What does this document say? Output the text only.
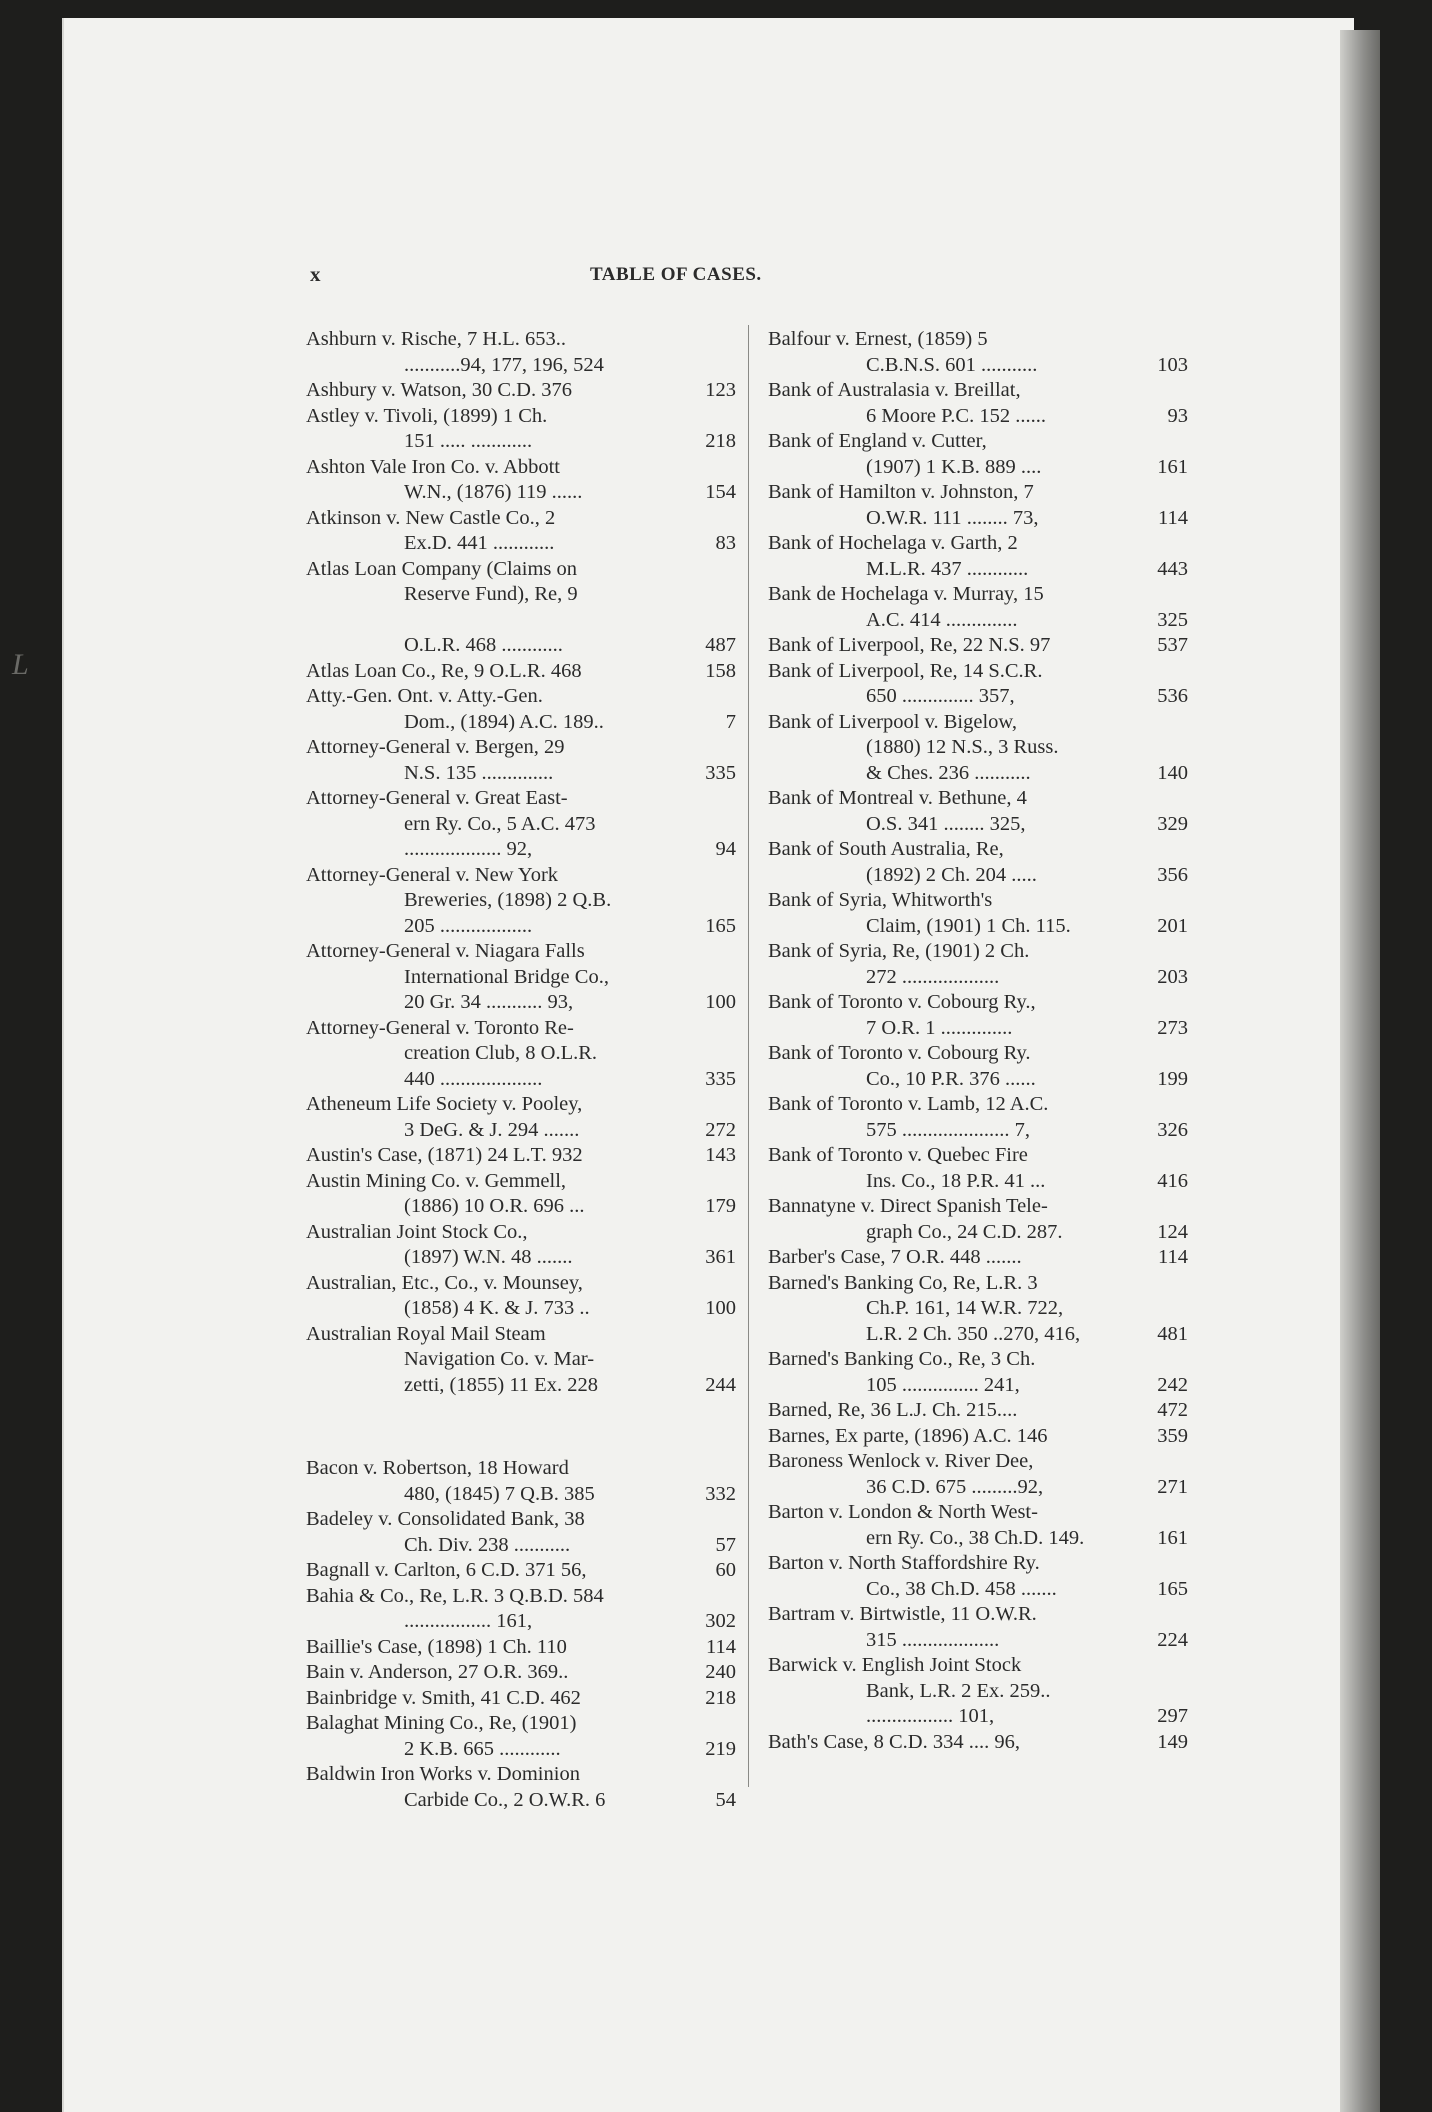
L
x	TABLE OF CASES.
Ashburn v. Rische, 7 H.L. 653..
...........94, 177, 196, 524
Ashbury v. Watson, 30 C.D. 376	123
Astley v. Tivoli, (1899) 1 Ch.
151 ..... ............	218
Ashton Vale Iron Co. v. Abbott
W.N., (1876) 119 ......	154
Atkinson v. New Castle Co., 2
Ex.D. 441 ............	83
Atlas Loan Company (Claims on
Reserve Fund), Re, 9
O.L.R. 468 ............	487
Atlas Loan Co., Re, 9 O.L.R. 468	158
Atty.-Gen. Ont. v. Atty.-Gen.
Dom., (1894) A.C. 189..	7
Attorney-General v. Bergen, 29
N.S. 135 ..............	335
Attorney-General v. Great East-
ern Ry. Co., 5 A.C. 473
................... 92,	94
Attorney-General v. New York
Breweries, (1898) 2 Q.B.
205 ..................	165
Attorney-General v. Niagara Falls
International Bridge Co.,
20 Gr. 34 ........... 93,	100
Attorney-General v. Toronto Re-
creation Club, 8 O.L.R.
440 ....................	335
Atheneum Life Society v. Pooley,
3 DeG. & J. 294 .......	272
Austin's Case, (1871) 24 L.T. 932	143
Austin Mining Co. v. Gemmell,
(1886) 10 O.R. 696 ...	179
Australian Joint Stock Co.,
(1897) W.N. 48 .......	361
Australian, Etc., Co., v. Mounsey,
(1858) 4 K. & J. 733 ..	100
Australian Royal Mail Steam
Navigation Co. v. Mar-
zetti, (1855) 11 Ex. 228	244
Bacon v. Robertson, 18 Howard
480, (1845) 7 Q.B. 385	332
Badeley v. Consolidated Bank, 38
Ch. Div. 238 ...........	57
Bagnall v. Carlton, 6 C.D. 371 56,	60
Bahia & Co., Re, L.R. 3 Q.B.D. 584
................. 161,	302
Baillie's Case, (1898) 1 Ch. 110	114
Bain v. Anderson, 27 O.R. 369..	240
Bainbridge v. Smith, 41 C.D. 462	218
Balaghat Mining Co., Re, (1901)
2 K.B. 665 ............	219
Baldwin Iron Works v. Dominion
Carbide Co., 2 O.W.R. 6	54
Balfour v. Ernest, (1859) 5
C.B.N.S. 601 ...........	103
Bank of Australasia v. Breillat,
6 Moore P.C. 152 ......	93
Bank of England v. Cutter,
(1907) 1 K.B. 889 ....	161
Bank of Hamilton v. Johnston, 7
O.W.R. 111 ........ 73,	114
Bank of Hochelaga v. Garth, 2
M.L.R. 437 ............	443
Bank de Hochelaga v. Murray, 15
A.C. 414 ..............	325
Bank of Liverpool, Re, 22 N.S. 97	537
Bank of Liverpool, Re, 14 S.C.R.
650 .............. 357,	536
Bank of Liverpool v. Bigelow,
(1880) 12 N.S., 3 Russ.
& Ches. 236 ...........	140
Bank of Montreal v. Bethune, 4
O.S. 341 ........ 325,	329
Bank of South Australia, Re,
(1892) 2 Ch. 204 .....	356
Bank of Syria, Whitworth's
Claim, (1901) 1 Ch. 115.	201
Bank of Syria, Re, (1901) 2 Ch.
272 ...................	203
Bank of Toronto v. Cobourg Ry.,
7 O.R. 1 ..............	273
Bank of Toronto v. Cobourg Ry.
Co., 10 P.R. 376 ......	199
Bank of Toronto v. Lamb, 12 A.C.
575 ..................... 7,	326
Bank of Toronto v. Quebec Fire
Ins. Co., 18 P.R. 41 ...	416
Bannatyne v. Direct Spanish Tele-
graph Co., 24 C.D. 287.	124
Barber's Case, 7 O.R. 448 .......	114
Barned's Banking Co, Re, L.R. 3
Ch.P. 161, 14 W.R. 722,
L.R. 2 Ch. 350 ..270, 416,	481
Barned's Banking Co., Re, 3 Ch.
105 ............... 241,	242
Barned, Re, 36 L.J. Ch. 215....	472
Barnes, Ex parte, (1896) A.C. 146	359
Baroness Wenlock v. River Dee,
36 C.D. 675 .........92,	271
Barton v. London & North West-
ern Ry. Co., 38 Ch.D. 149.	161
Barton v. North Staffordshire Ry.
Co., 38 Ch.D. 458 .......	165
Bartram v. Birtwistle, 11 O.W.R.
315 ...................	224
Barwick v. English Joint Stock
Bank, L.R. 2 Ex. 259..
................. 101,	297
Bath's Case, 8 C.D. 334 .... 96,	149
